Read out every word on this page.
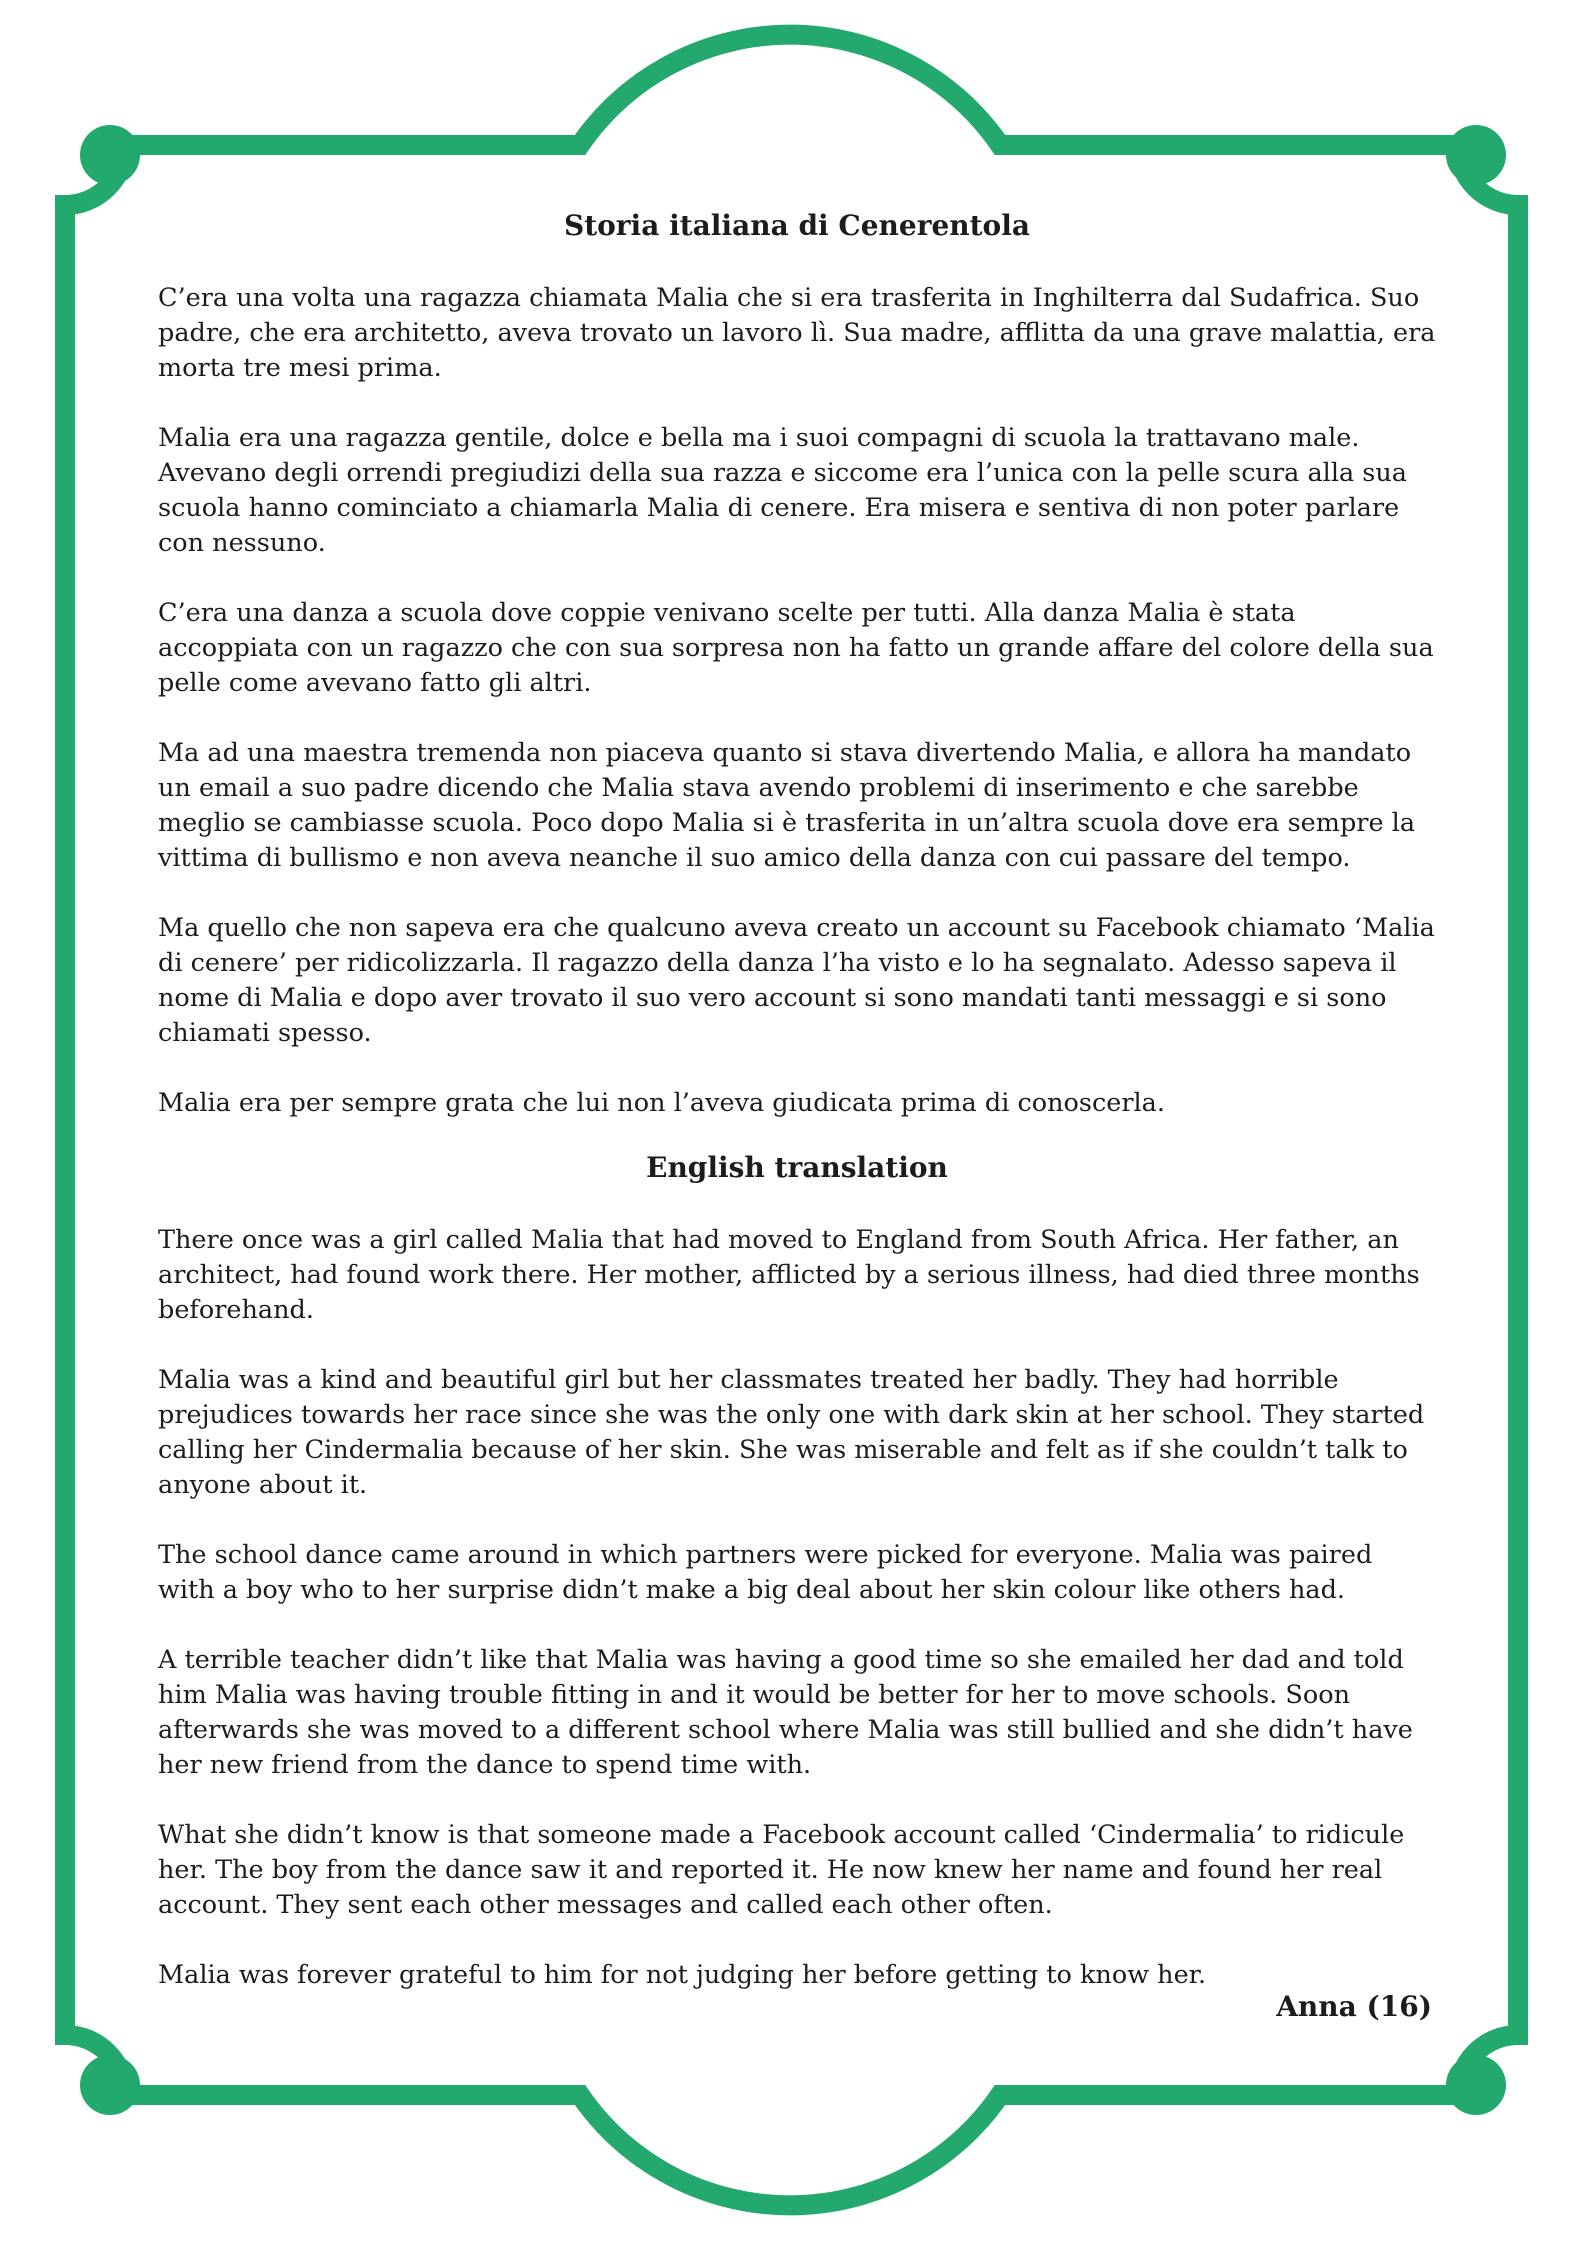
Storia italiana di Cenerentola

C’era una volta una ragazza chiamata Malia che si era trasferita in Inghilterra dal Sudafrica. Suo padre, che era architetto, aveva trovato un lavoro lì. Sua madre, afflitta da una grave malattia, era morta tre mesi prima.

Malia era una ragazza gentile, dolce e bella ma i suoi compagni di scuola la trattavano male. Avevano degli orrendi pregiudizi della sua razza e siccome era l’unica con la pelle scura alla sua scuola hanno cominciato a chiamarla Malia di cenere. Era misera e sentiva di non poter parlare con nessuno.

C’era una danza a scuola dove coppie venivano scelte per tutti. Alla danza Malia è stata accoppiata con un ragazzo che con sua sorpresa non ha fatto un grande affare del colore della sua pelle come avevano fatto gli altri.

Ma ad una maestra tremenda non piaceva quanto si stava divertendo Malia, e allora ha mandato un email a suo padre dicendo che Malia stava avendo problemi di inserimento e che sarebbe meglio se cambiasse scuola. Poco dopo Malia si è trasferita in un’altra scuola dove era sempre la vittima di bullismo e non aveva neanche il suo amico della danza con cui passare del tempo.

Ma quello che non sapeva era che qualcuno aveva creato un account su Facebook chiamato ‘Malia di cenere’ per ridicolizzarla. Il ragazzo della danza l’ha visto e lo ha segnalato. Adesso sapeva il nome di Malia e dopo aver trovato il suo vero account si sono mandati tanti messaggi e si sono chiamati spesso.

Malia era per sempre grata che lui non l’aveva giudicata prima di conoscerla.

English translation

There once was a girl called Malia that had moved to England from South Africa. Her father, an architect, had found work there. Her mother, afflicted by a serious illness, had died three months beforehand.

Malia was a kind and beautiful girl but her classmates treated her badly. They had horrible prejudices towards her race since she was the only one with dark skin at her school. They started calling her Cindermalia because of her skin. She was miserable and felt as if she couldn’t talk to anyone about it.

The school dance came around in which partners were picked for everyone. Malia was paired with a boy who to her surprise didn’t make a big deal about her skin colour like others had.

A terrible teacher didn’t like that Malia was having a good time so she emailed her dad and told him Malia was having trouble fitting in and it would be better for her to move schools. Soon afterwards she was moved to a different school where Malia was still bullied and she didn’t have her new friend from the dance to spend time with.

What she didn’t know is that someone made a Facebook account called ‘Cindermalia’ to ridicule her. The boy from the dance saw it and reported it. He now knew her name and found her real account. They sent each other messages and called each other often.

Malia was forever grateful to him for not judging her before getting to know her.

Anna (16)
